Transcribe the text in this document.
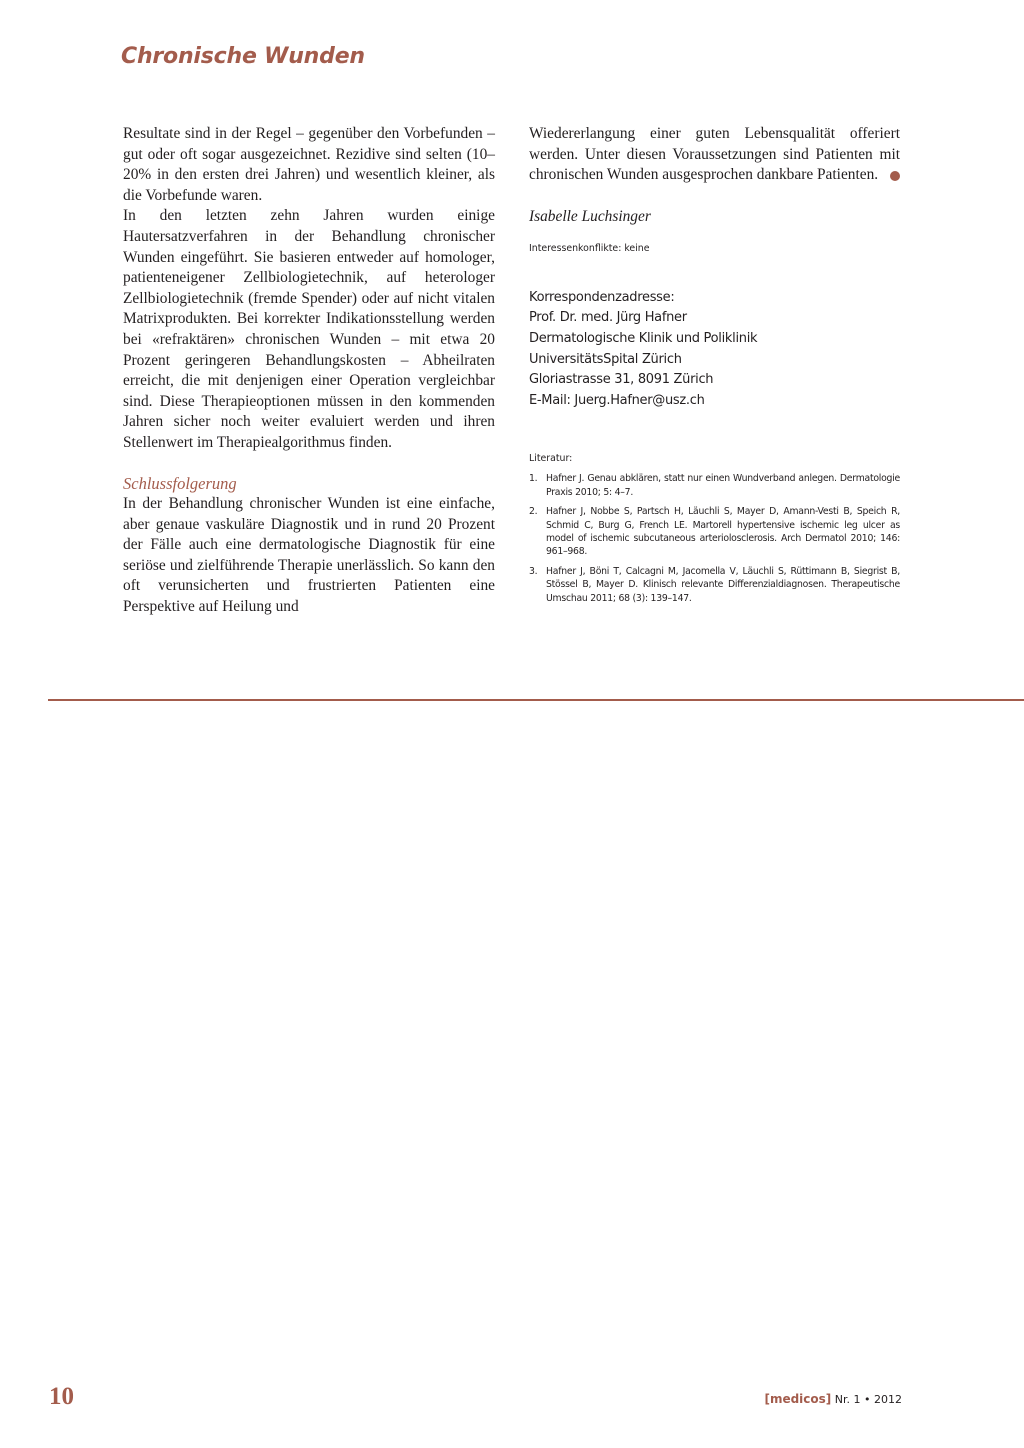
Chronische Wunden

Resultate sind in der Regel – gegenüber den Vorbefunden – gut oder oft sogar ausgezeichnet. Rezidive sind selten (10–20% in den ersten drei Jahren) und wesentlich kleiner, als die Vorbefunde waren.

In den letzten zehn Jahren wurden einige Hautersatzverfahren in der Behandlung chronischer Wunden eingeführt. Sie basieren entweder auf homologer, patienteneigener Zellbiologietechnik, auf heterologer Zellbiologietechnik (fremde Spender) oder auf nicht vitalen Matrixprodukten. Bei korrekter Indikationsstellung werden bei «refraktären» chronischen Wunden – mit etwa 20 Prozent geringeren Behandlungskosten – Abheilraten erreicht, die mit denjenigen einer Operation vergleichbar sind. Diese Therapieoptionen müssen in den kommenden Jahren sicher noch weiter evaluiert werden und ihren Stellenwert im Therapiealgorithmus finden.

Schlussfolgerung

In der Behandlung chronischer Wunden ist eine einfache, aber genaue vaskuläre Diagnostik und in rund 20 Prozent der Fälle auch eine dermatologische Diagnostik für eine seriöse und zielführende Therapie unerlässlich. So kann den oft verunsicherten und frustrierten Patienten eine Perspektive auf Heilung und

Wiedererlangung einer guten Lebensqualität offeriert werden. Unter diesen Voraussetzungen sind Patienten mit chronischen Wunden ausgesprochen dankbare Patienten.

Isabelle Luchsinger

Interessenkonflikte: keine

Korrespondenzadresse:
Prof. Dr. med. Jürg Hafner
Dermatologische Klinik und Poliklinik
UniversitätsSpital Zürich
Gloriastrasse 31, 8091 Zürich
E-Mail: Juerg.Hafner@usz.ch

Literatur:

1. Hafner J. Genau abklären, statt nur einen Wundverband anlegen. Dermatologie Praxis 2010; 5: 4–7.
2. Hafner J, Nobbe S, Partsch H, Läuchli S, Mayer D, Amann-Vesti B, Speich R, Schmid C, Burg G, French LE. Martorell hypertensive ischemic leg ulcer as model of ischemic subcutaneous arteriolosclerosis. Arch Dermatol 2010; 146: 961–968.
3. Hafner J, Böni T, Calcagni M, Jacomella V, Läuchli S, Rüttimann B, Siegrist B, Stössel B, Mayer D. Klinisch relevante Differenzialdiagnosen. Therapeutische Umschau 2011; 68 (3): 139–147.
10	[medicos] Nr. 1 • 2012
